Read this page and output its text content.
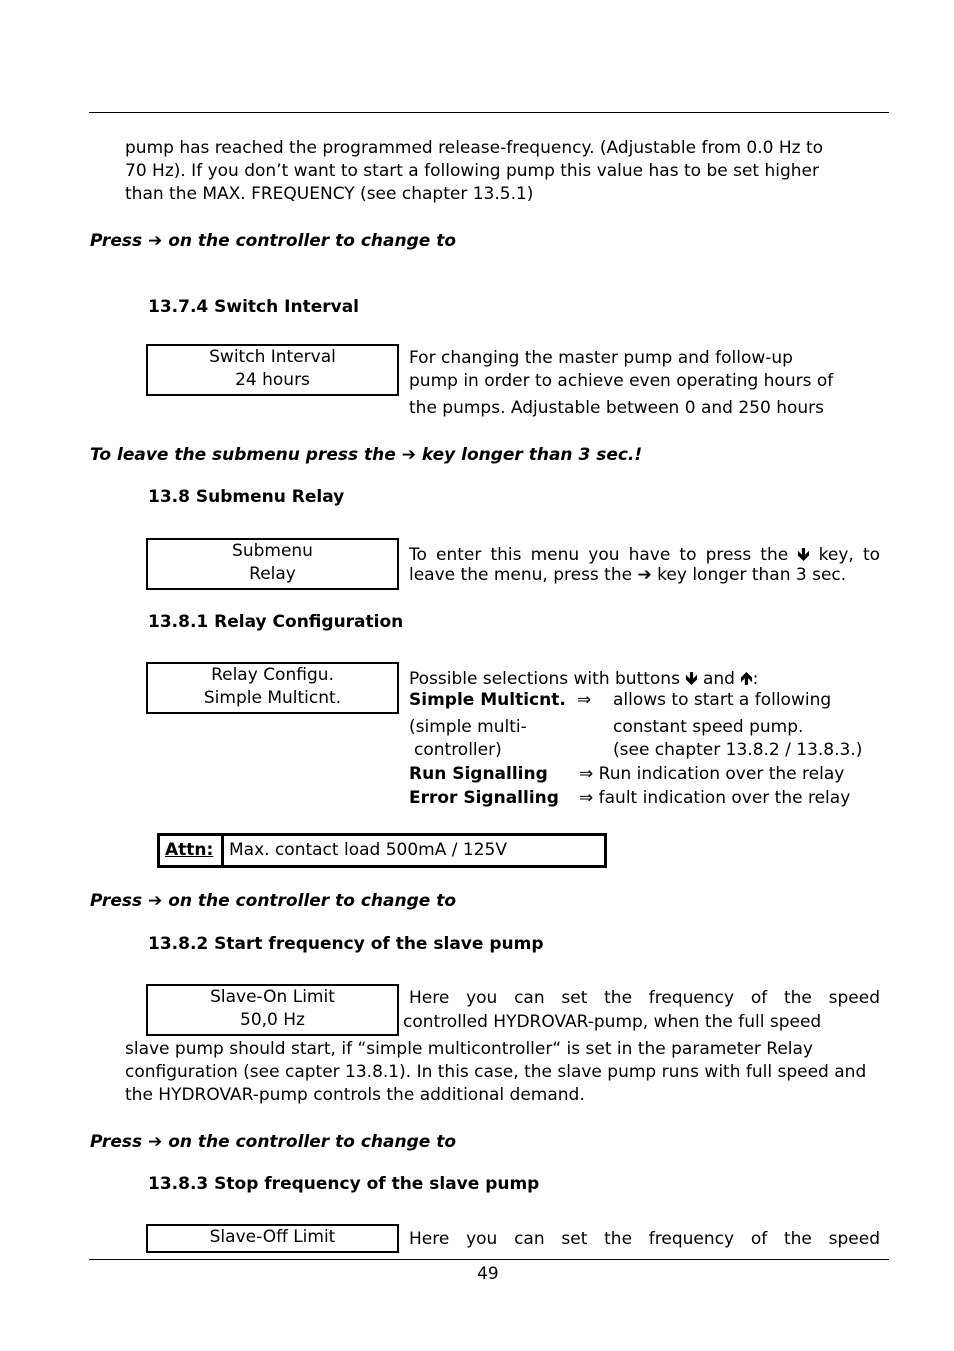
pump has reached the programmed release-frequency. (Adjustable from 0.0 Hz to
70 Hz). If you don’t want to start a following pump this value has to be set higher
than the MAX. FREQUENCY (see chapter 13.5.1)
Press ➔ on the controller to change to
13.7.4 Switch Interval
Switch Interval
24 hours
For changing the master pump and follow-up
pump in order to achieve even operating hours of
the pumps. Adjustable between 0 and 250 hours
To leave the submenu press the ➔ key longer than 3 sec.!
13.8 Submenu Relay
Submenu
Relay
To enter this menu you have to press the 🡻 key, to
leave the menu, press the ➔ key longer than 3 sec.
13.8.1 Relay Configuration
Relay Configu.
Simple Multicnt.
Possible selections with buttons 🡻 and 🡹:
Simple Multicnt. ⇒ allows to start a following
(simple multi-	constant speed pump.
controller)	(see chapter 13.8.2 / 13.8.3.)
Run Signalling ⇒ Run indication over the relay
Error Signalling ⇒ fault indication over the relay
Attn: Max. contact load 500mA / 125V
Press ➔ on the controller to change to
13.8.2 Start frequency of the slave pump
Slave-On Limit
50,0 Hz
Here you can set the frequency of the speed
controlled HYDROVAR-pump, when the full speed
slave pump should start, if “simple multicontroller“ is set in the parameter Relay
configuration (see capter 13.8.1). In this case, the slave pump runs with full speed and
the HYDROVAR-pump controls the additional demand.
Press ➔ on the controller to change to
13.8.3 Stop frequency of the slave pump
Slave-Off Limit	Here you can set the frequency of the speed
49
